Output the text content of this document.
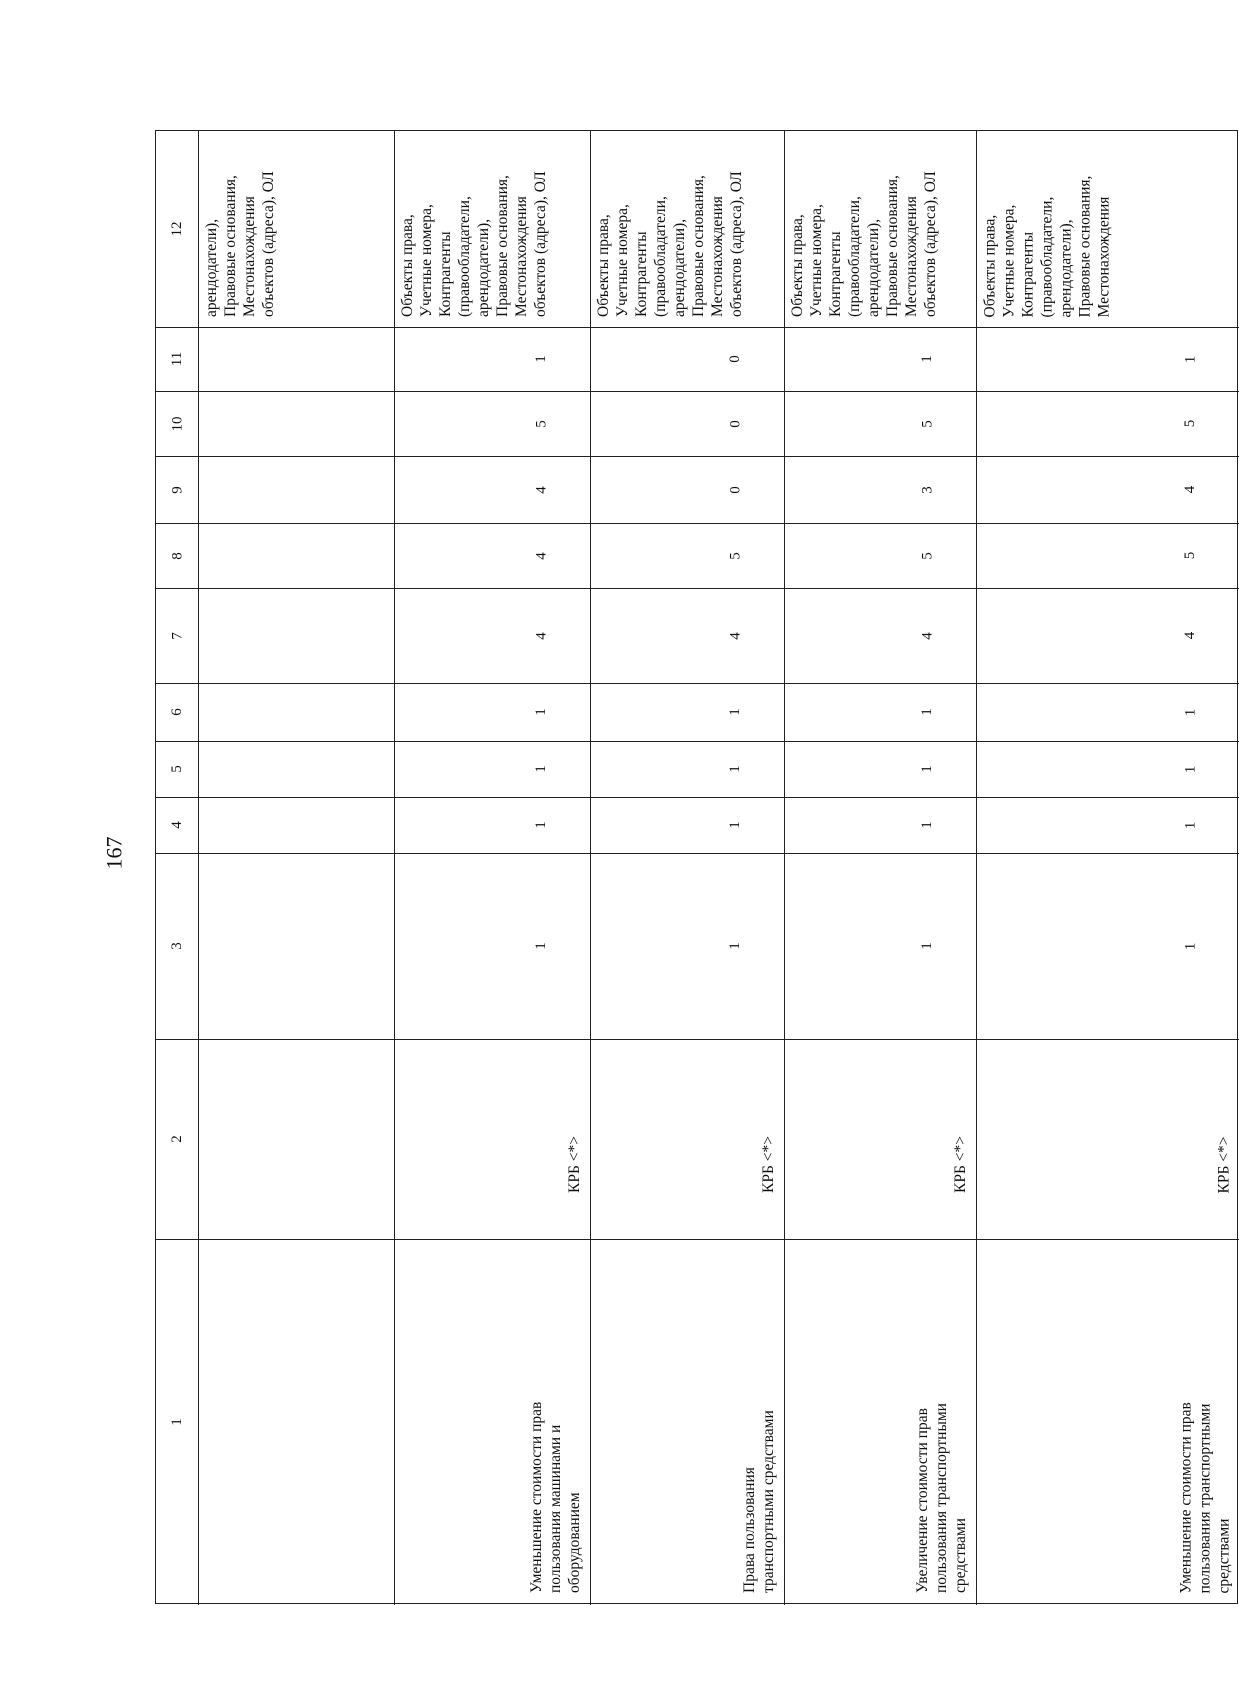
167
1
2
3
4
5
6
7
8
9
10
11
12 арендодатели),
Правовые основания,
Местонахождения
объектов (адреса), ОЛ
Уменьшение стоимости прав
пользования машинами и
оборудованием
КРБ <*>
1
1
1
1
4
4
4
5
1
Объекты права,
Учетные номера,
Контрагенты
(правообладатели,
арендодатели),
Правовые основания,
Местонахождения
объектов (адреса), ОЛ
Права пользования
транспортными средствами
КРБ <*>
1
1
1
1
4
5
0
0
0
Объекты права,
Учетные номера,
Контрагенты
(правообладатели,
арендодатели),
Правовые основания,
Местонахождения
объектов (адреса), ОЛ
Увеличение стоимости прав
пользования транспортными
средствами
КРБ <*>
1
1
1
1
4
5
3
5
1
Объекты права,
Учетные номера,
Контрагенты
(правообладатели,
арендодатели),
Правовые основания,
Местонахождения
объектов (адреса), ОЛ
Уменьшение стоимости прав
пользования транспортными
средствами
КРБ <*>
1
1
1
1
4
5
4
5
1
Объекты права,
Учетные номера,
Контрагенты
(правообладатели,
арендодатели),
Правовые основания,
Местонахождения
